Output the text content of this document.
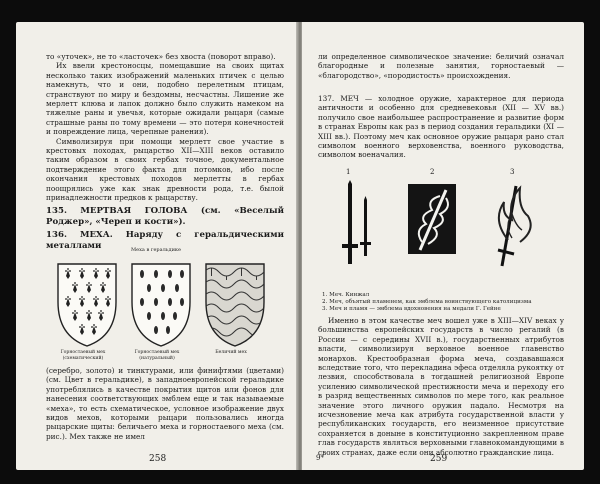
то «уточек», не то «ласточек» без хвоста (поворот вправо).

Их ввели крестоносцы, помещавшие на своих щитах несколько таких изображений маленьких птичек с целью намекнуть, что и они, подобно перелетным птицам, странствуют по миру и бездомны, несчастны. Лишение же мерлетт клюва и лапок должно было служить намеком на тяжелые раны и увечья, которые ожидали рыцаря (самые страшные раны по тому времени — это потеря конечностей и повреждение лица, черепные ранения).

Символизируя при помощи мерлетт свое участие в крестовых походах, рыцарство XII—XIII веков оставило таким образом в своих гербах точное, документальное подтверждение этого факта для потомков, ибо после окончания крестовых походов мерлетты в гербах поощрялись уже как знак древности рода, т.е. былой принадлежности предков к рыцарству.

135. МЕРТВАЯ ГОЛОВА (см. «Веселый Роджер», «Череп и кости»).
136. МЕХА. Наряду с геральдическими металлами	Меха в геральдике
Горностаевый мех (схематический)
Горностаевый мех (натуральный)
Беличий мех

(серебро, золото) и тинктурами, или финифтями (цветами) (см. Цвет в геральдике), в западноевропейской геральдике употреблялись в качестве покрытия щитов или фонов для нанесения соответствующих эмблем еще и так называемые «меха», то есть схематическое, условное изображение двух видов мехов, которыми рыцари пользовались иногда рыцарские щиты: беличьего меха и горностаевого меха (см. рис.). Мех также не имел

258

ли определенное символическое значение: беличий означал благородные и полезные занятия, горностаевый — «благородство», «породистость» происхождения.

137. МЕЧ — холодное оружие, характерное для периода античности и особенно для средневековья (XII — XV вв.) получило свое наибольшее распространение и развитие форм в странах Европы как раз в период создания геральдики (XI — XIII вв.). Поэтому меч как основное оружие рыцаря рано стал символом военного верховенства, военного руководства, символом военачалия.
1	2	3
1. Меч. Кинжал
2. Меч, объятый пламенем, как эмблема воинствующего католицизма
3. Меч и пламя — эмблема вдохновения на медали Г. Гейне

Именно в этом качестве меч вошел уже в XIII—XIV веках у большинства европейских государств в число регалий (в России — с середины XVII в.), государственных атрибутов власти, символизируя верховное военное главенство монархов. Крестообразная форма меча, создававшаяся вследствие того, что перекладина эфеса отделяла рукоятку от лезвия, способствовала в тогдашней религиозной Европе усилению символической престижности меча и переходу его в разряд вещественных символов по мере того, как реальное значение этого личного оружия падало. Несмотря на исчезновение меча как атрибута государственной власти у республиканских государств, его неизменное присутствие сохраняется в доныне в конституционно закрепленном праве глав государств являться верховными главнокомандующими в своих странах, даже если они абсолютно гражданские лица.

9*	259
